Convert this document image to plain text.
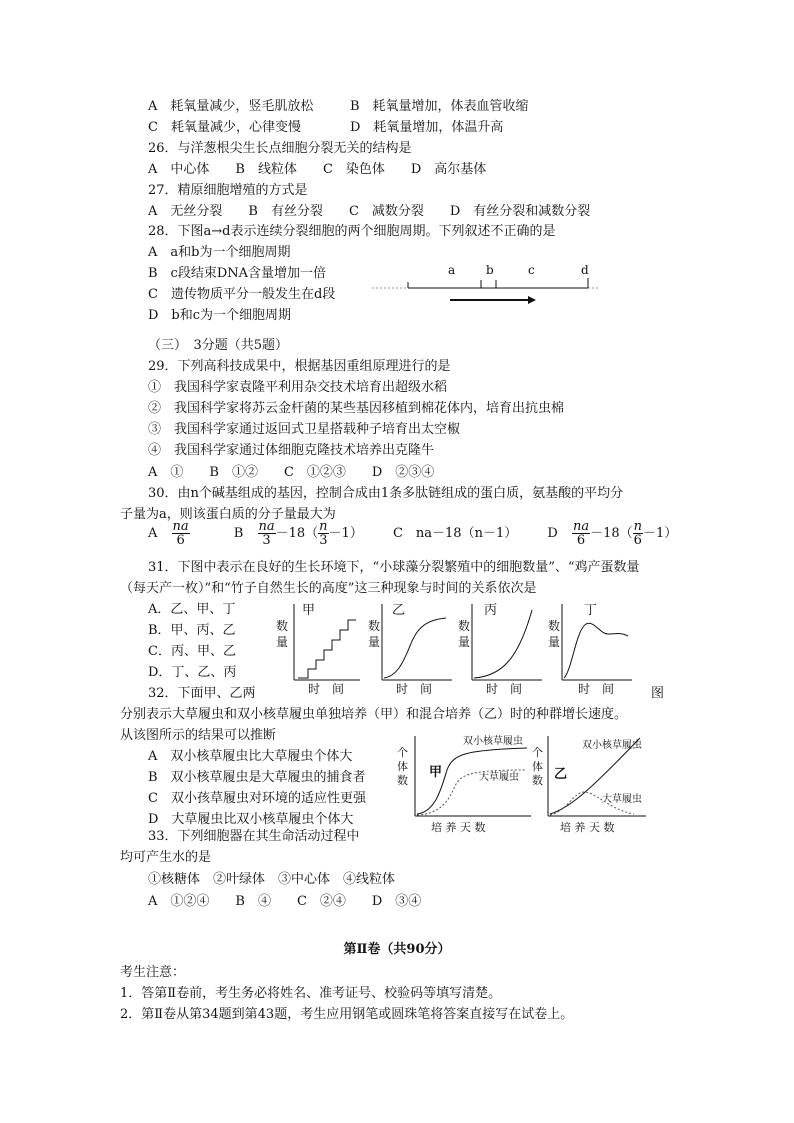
A　耗氧量减少，竖毛肌放松	B　耗氧量增加，体表血管收缩
C　耗氧量减少，心律变慢	D　耗氧量增加，体温升高
26．与洋葱根尖生长点细胞分裂无关的结构是
A　中心体　　B　线粒体　　C　染色体　　D　高尔基体
27．精原细胞增殖的方式是
A　无丝分裂　　B　有丝分裂　　C　减数分裂　　D　有丝分裂和减数分裂
28．下图a→d表示连续分裂细胞的两个细胞周期。下列叙述不正确的是
A　a和b为一个细胞周期
B　c段结束DNA含量增加一倍
C　遗传物质平分一般发生在d段
D　b和c为一个细胞周期
a	b	c	d
（三）　3分题（共5题）
29．下列高科技成果中，根据基因重组原理进行的是
①　我国科学家袁隆平利用杂交技术培育出超级水稻
②　我国科学家将苏云金杆菌的某些基因移植到棉花体内，培育出抗虫棉
③　我国科学家通过返回式卫星搭载种子培育出太空椒
④　我国科学家通过体细胞克隆技术培养出克隆牛
A　①　　B　①②　　C　①②③　　D　②③④
30．由n个碱基组成的基因，控制合成由1条多肽链组成的蛋白质，氨基酸的平均分
子量为a，则该蛋白质的分子量最大为
A $\frac{na}{6}$	B $\frac{na}{3} -18( \frac{n}{3} -1)$ C　na－18（n－1） D $\frac{na}{6} -18( \frac{n}{6} -1)$
31．下图中表示在良好的生长环境下，“小球藻分裂繁殖中的细胞数量”、“鸡产蛋数量
（每天产一枚）”和“竹子自然生长的高度”这三种现象与时间的关系依次是
A．乙、甲、丁
B．甲、丙、乙
C．丙、甲、乙
D．丁、乙、丙
甲
数
量
时　间
乙
数
量
时　间
丙
数
量
时　间
丁
数
量
时　间
32．下面甲、乙两	图
分别表示大草履虫和双小核草履虫单独培养（甲）和混合培养（乙）时的种群增长速度。
从该图所示的结果可以推断
A　双小核草履虫比大草履虫个体大
B　双小核草履虫是大草履虫的捕食者
C　双小孩草履虫对环境的适应性更强
D　大草履虫比双小核草履虫个体大
个
体
数
甲
双小核草履虫
大草履虫
培 养 天 数
个
体
数 乙
双小核草履虫
大草履虫
培 养 天 数
33．下列细胞器在其生命活动过程中
均可产生水的是
①核糖体　②叶绿体　③中心体　④线粒体
A　①②④　　B　④　　C　②④　　D　③④
第Ⅱ卷（共90分）
考生注意：
1．答第Ⅱ卷前，考生务必将姓名、准考证号、校验码等填写清楚。
2．第Ⅱ卷从第34题到第43题，考生应用钢笔或圆珠笔将答案直接写在试卷上。
